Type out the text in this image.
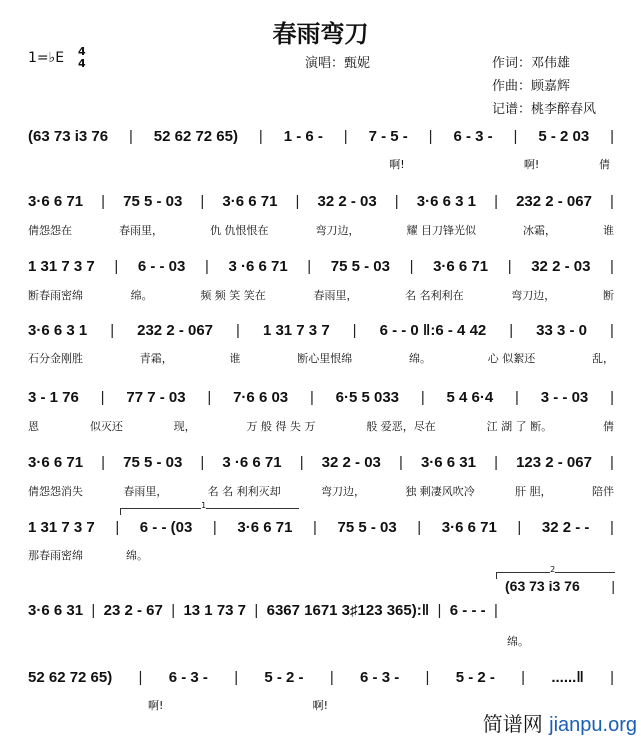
春雨弯刀
1=♭E 4
4	演唱：甄妮	作词：邓伟雄
作曲：顾嘉辉
记谱：桃李醉春风
1
2
(63 73 i3 76 |
(63 73 i3 76 | 52 62 72 65) | 1 - 6 - | 7 - 5 - | 6 - 3 - | 5 - 2 03 |
啊!	啊!	倩
3·6 6 71 | 75 5 - 03 | 3·6 6 71 | 32 2 - 03 | 3·6 6 3 1 | 232 2 - 067 |
倩怨怨在	春雨里，	仇 仇恨恨在	弯刀边，	耀 目刀锋光似	冰霜，	谁
1 31 7 3 7 | 6 - - 03 | 3 ·6 6 71 | 75 5 - 03 | 3·6 6 71 | 32 2 - 03 |
断春雨密绵	绵。	频 频 笑 笑在	春雨里，	名 名利利在	弯刀边，	断
3·6 6 3 1 | 232 2 - 067 | 1 31 7 3 7 | 6 - - 0 ‖:6 - 4 42 | 33 3 - 0 |
石分金刚胜	青霜，	谁	断心里恨绵	绵。	心 似絮还	乱，
3 - 1 76 | 77 7 - 03 | 7·6 6 03 | 6·5 5 033 | 5 4 6·4 | 3 - - 03 |
恩	似灭还	现，	万 般 得 失 万	般 爱恶，尽在	江 湖 了 断。	倩
3·6 6 71 | 75 5 - 03 | 3 ·6 6 71 | 32 2 - 03 | 3·6 6 31 | 123 2 - 067 |
倩怨怨消失	春雨里，	名 名 利利灭却	弯刀边，	独 剩凄风吹冷	肝 胆，	陪伴
1 31 7 3 7 | 6 - - (03 | 3·6 6 71 | 75 5 - 03 | 3·6 6 71 | 32 2 - - |
那春雨密绵	绵。
3·6 6 31 | 23 2 - 67 | 13 1 73 7 | 6367 1671 3♯123 365):‖ | 6 - - - |
绵。
52 62 72 65) | 6 - 3 - | 5 - 2 - | 6 - 3 - | 5 - 2 - | ......‖ |
啊!	啊!
简谱网 jianpu.org
